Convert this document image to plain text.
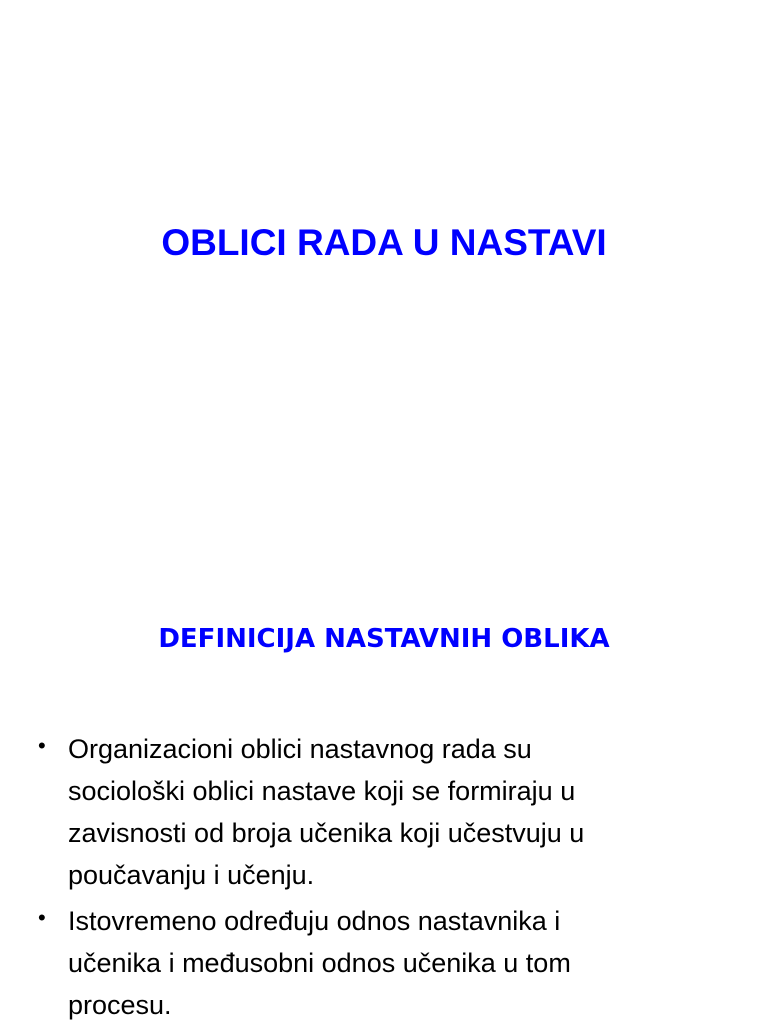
OBLICI RADA U NASTAVI
DEFINICIJA NASTAVNIH OBLIKA
• Organizacioni oblici nastavnog rada su
sociološki oblici nastave koji se formiraju u
zavisnosti od broja učenika koji učestvuju u
poučavanju i učenju.
• Istovremeno određuju odnos nastavnika i
učenika i međusobni odnos učenika u tom
procesu.
